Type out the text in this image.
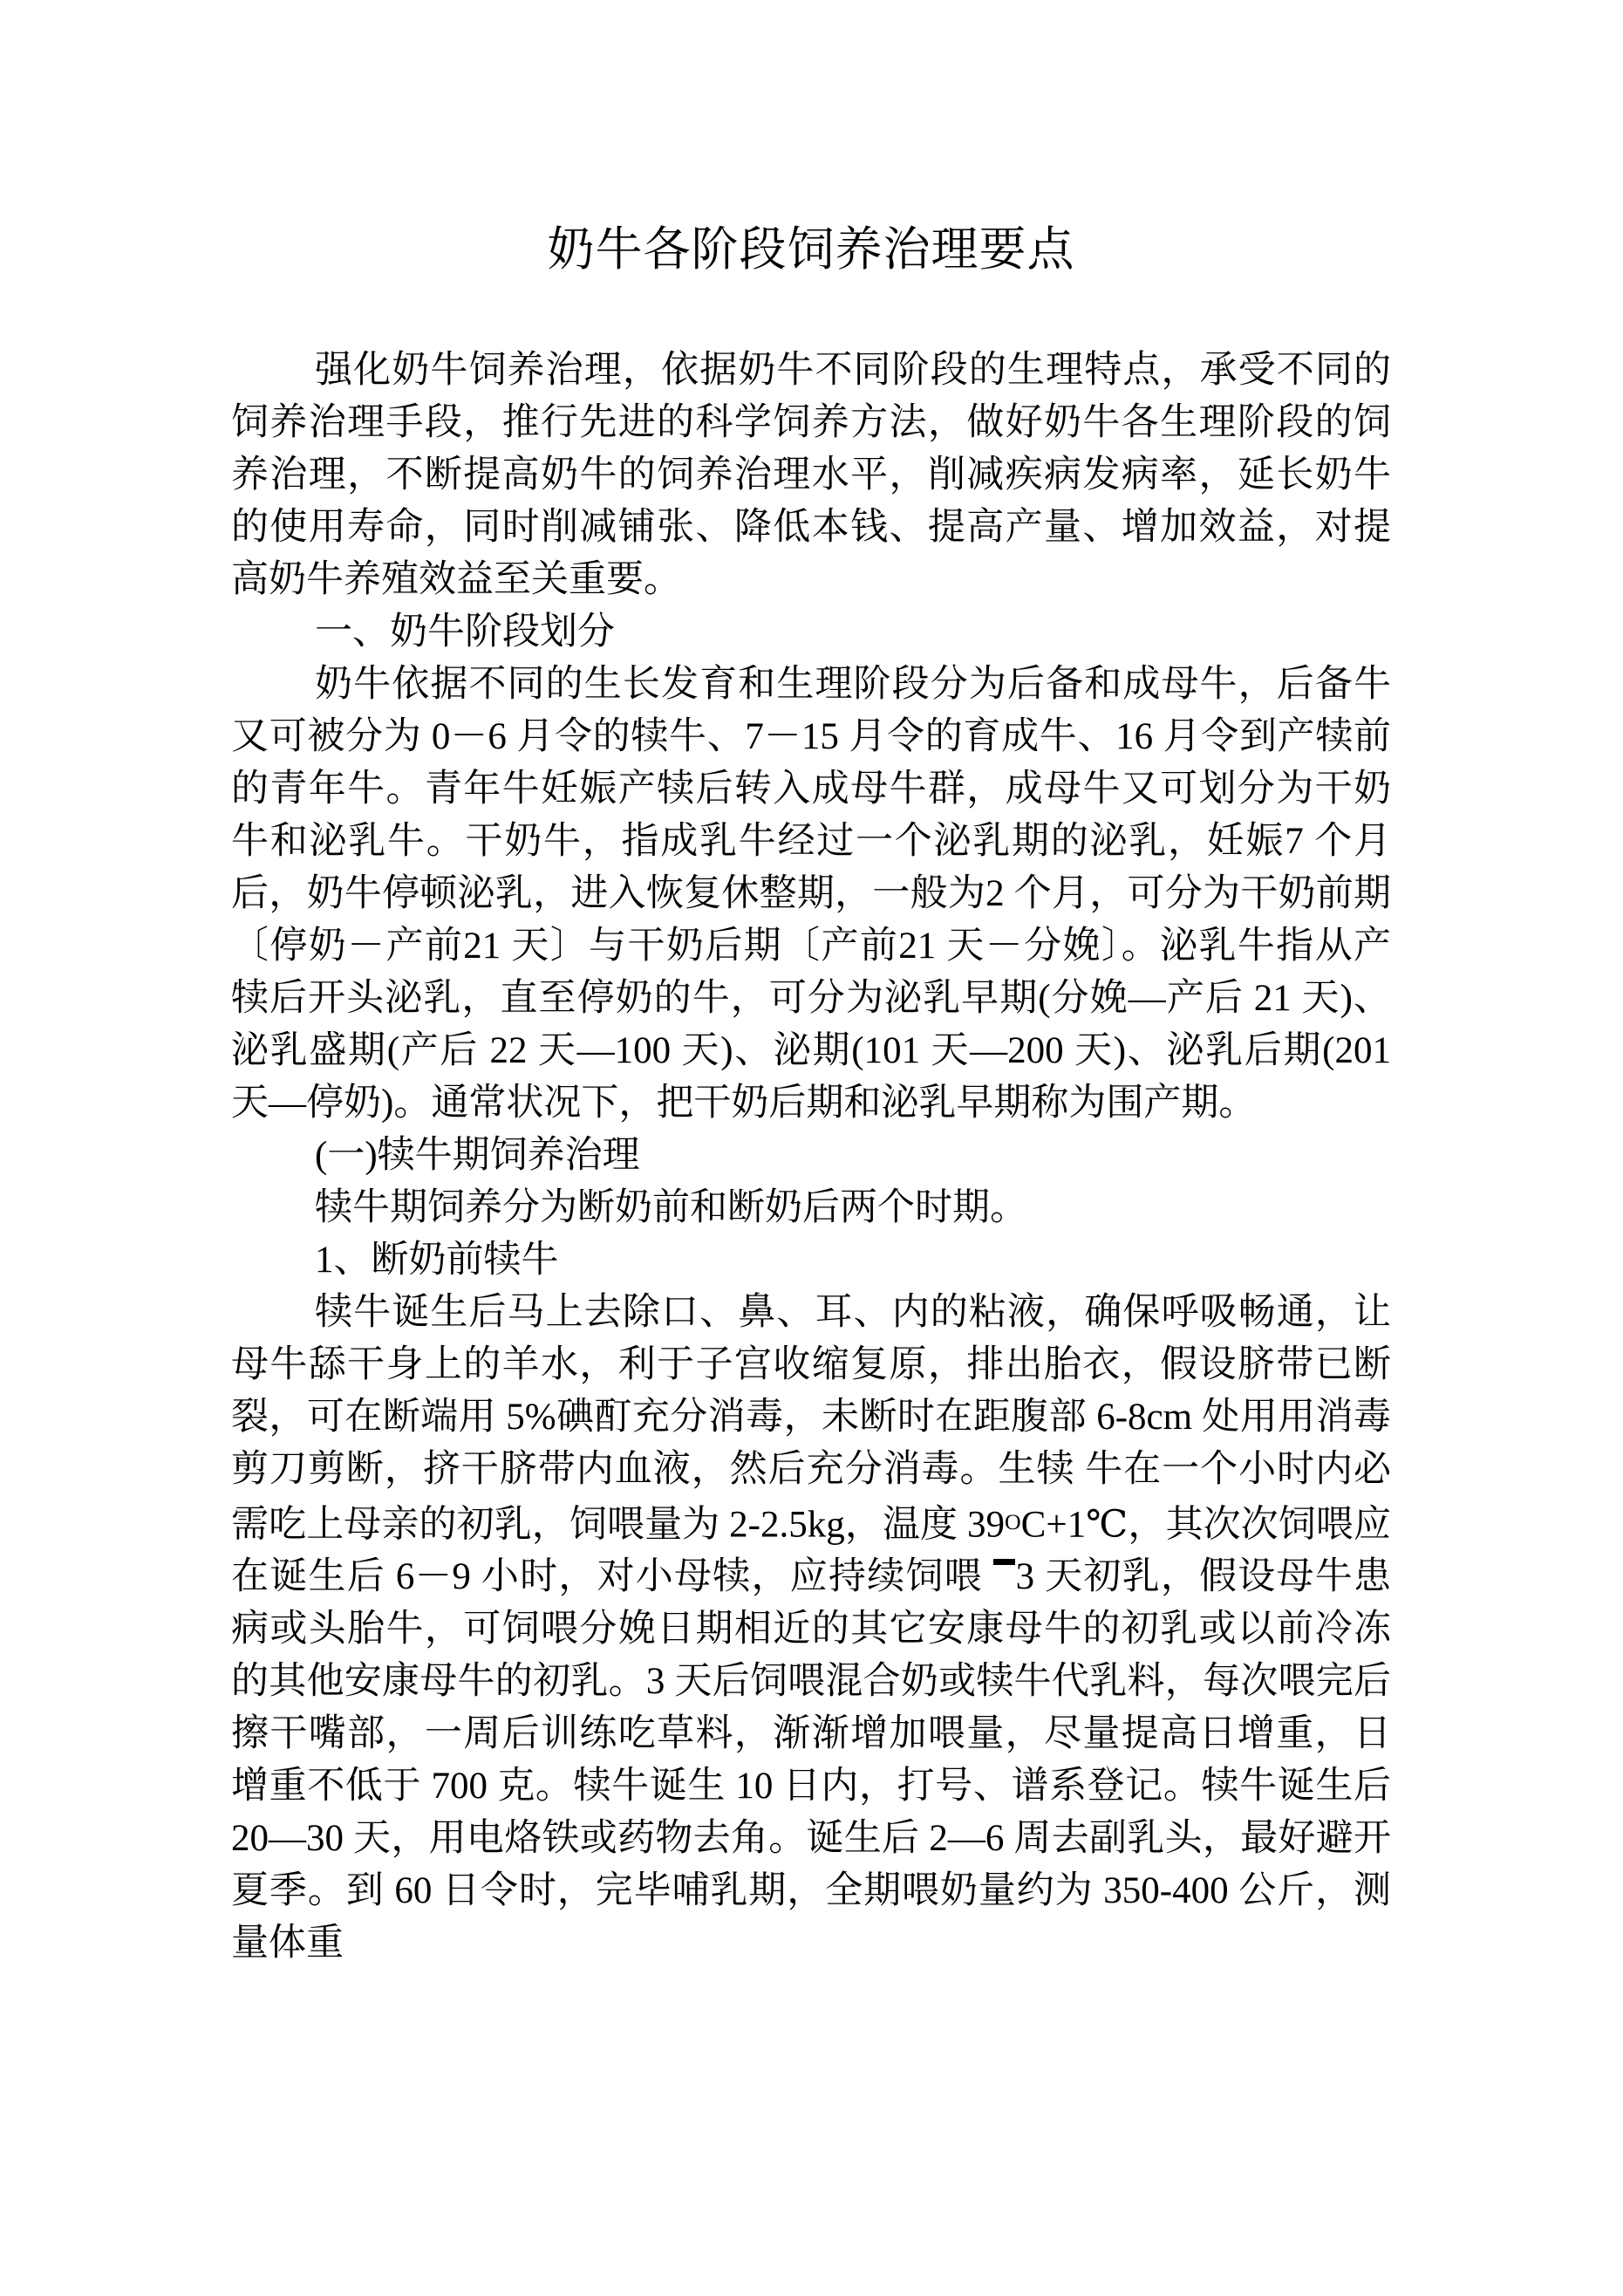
奶牛各阶段饲养治理要点

强化奶牛饲养治理，依据奶牛不同阶段的生理特点，承受不同的饲养治理手段，推行先进的科学饲养方法，做好奶牛各生理阶段的饲养治理，不断提高奶牛的饲养治理水平，削减疾病发病率，延长奶牛的使用寿命，同时削减铺张、降低本钱、提高产量、增加效益，对提高奶牛养殖效益至关重要。

一、奶牛阶段划分

奶牛依据不同的生长发育和生理阶段分为后备和成母牛，后备牛又可被分为 0－6 月令的犊牛、7－15 月令的育成牛、16 月令到产犊前的青年牛。青年牛妊娠产犊后转入成母牛群，成母牛又可划分为干奶牛和泌乳牛。干奶牛，指成乳牛经过一个泌乳期的泌乳，妊娠7 个月后，奶牛停顿泌乳，进入恢复休整期，一般为2 个月，可分为干奶前期〔停奶－产前21 天〕与干奶后期〔产前21 天－分娩〕。泌乳牛指从产犊后开头泌乳，直至停奶的牛，可分为泌乳早期(分娩—产后 21 天)、泌乳盛期(产后 22 天—100 天)、泌期(101 天—200 天)、泌乳后期(201 天—停奶)。通常状况下，把干奶后期和泌乳早期称为围产期。

(一)犊牛期饲养治理

犊牛期饲养分为断奶前和断奶后两个时期。

1、断奶前犊牛

犊牛诞生后马上去除口、鼻、耳、内的粘液，确保呼吸畅通，让母牛舔干身上的羊水，利于子宫收缩复原，排出胎衣，假设脐带已断裂，可在断端用 5%碘酊充分消毒，未断时在距腹部 6-8cm 处用用消毒剪刀剪断，挤干脐带内血液，然后充分消毒。生犊 牛在一个小时内必需吃上母亲的初乳，饲喂量为 2-2.5kg，温度 $39^OC+1℃$，其次次饲喂应在诞生后 6－9 小时，对小母犊，应持续饲喂 3 天初乳，假设母牛患病或头胎牛，可饲喂分娩日期相近的其它安康母牛的初乳或以前冷冻的其他安康母牛的初乳。3 天后饲喂混合奶或犊牛代乳料，每次喂完后擦干嘴部，一周后训练吃草料，渐渐增加喂量，尽量提高日增重，日增重不低于 700 克。犊牛诞生 10 日内，打号、谱系登记。犊牛诞生后 20—30 天，用电烙铁或药物去角。诞生后 2—6 周去副乳头，最好避开夏季。到 60 日令时，完毕哺乳期，全期喂奶量约为 350-400 公斤，测量体重
